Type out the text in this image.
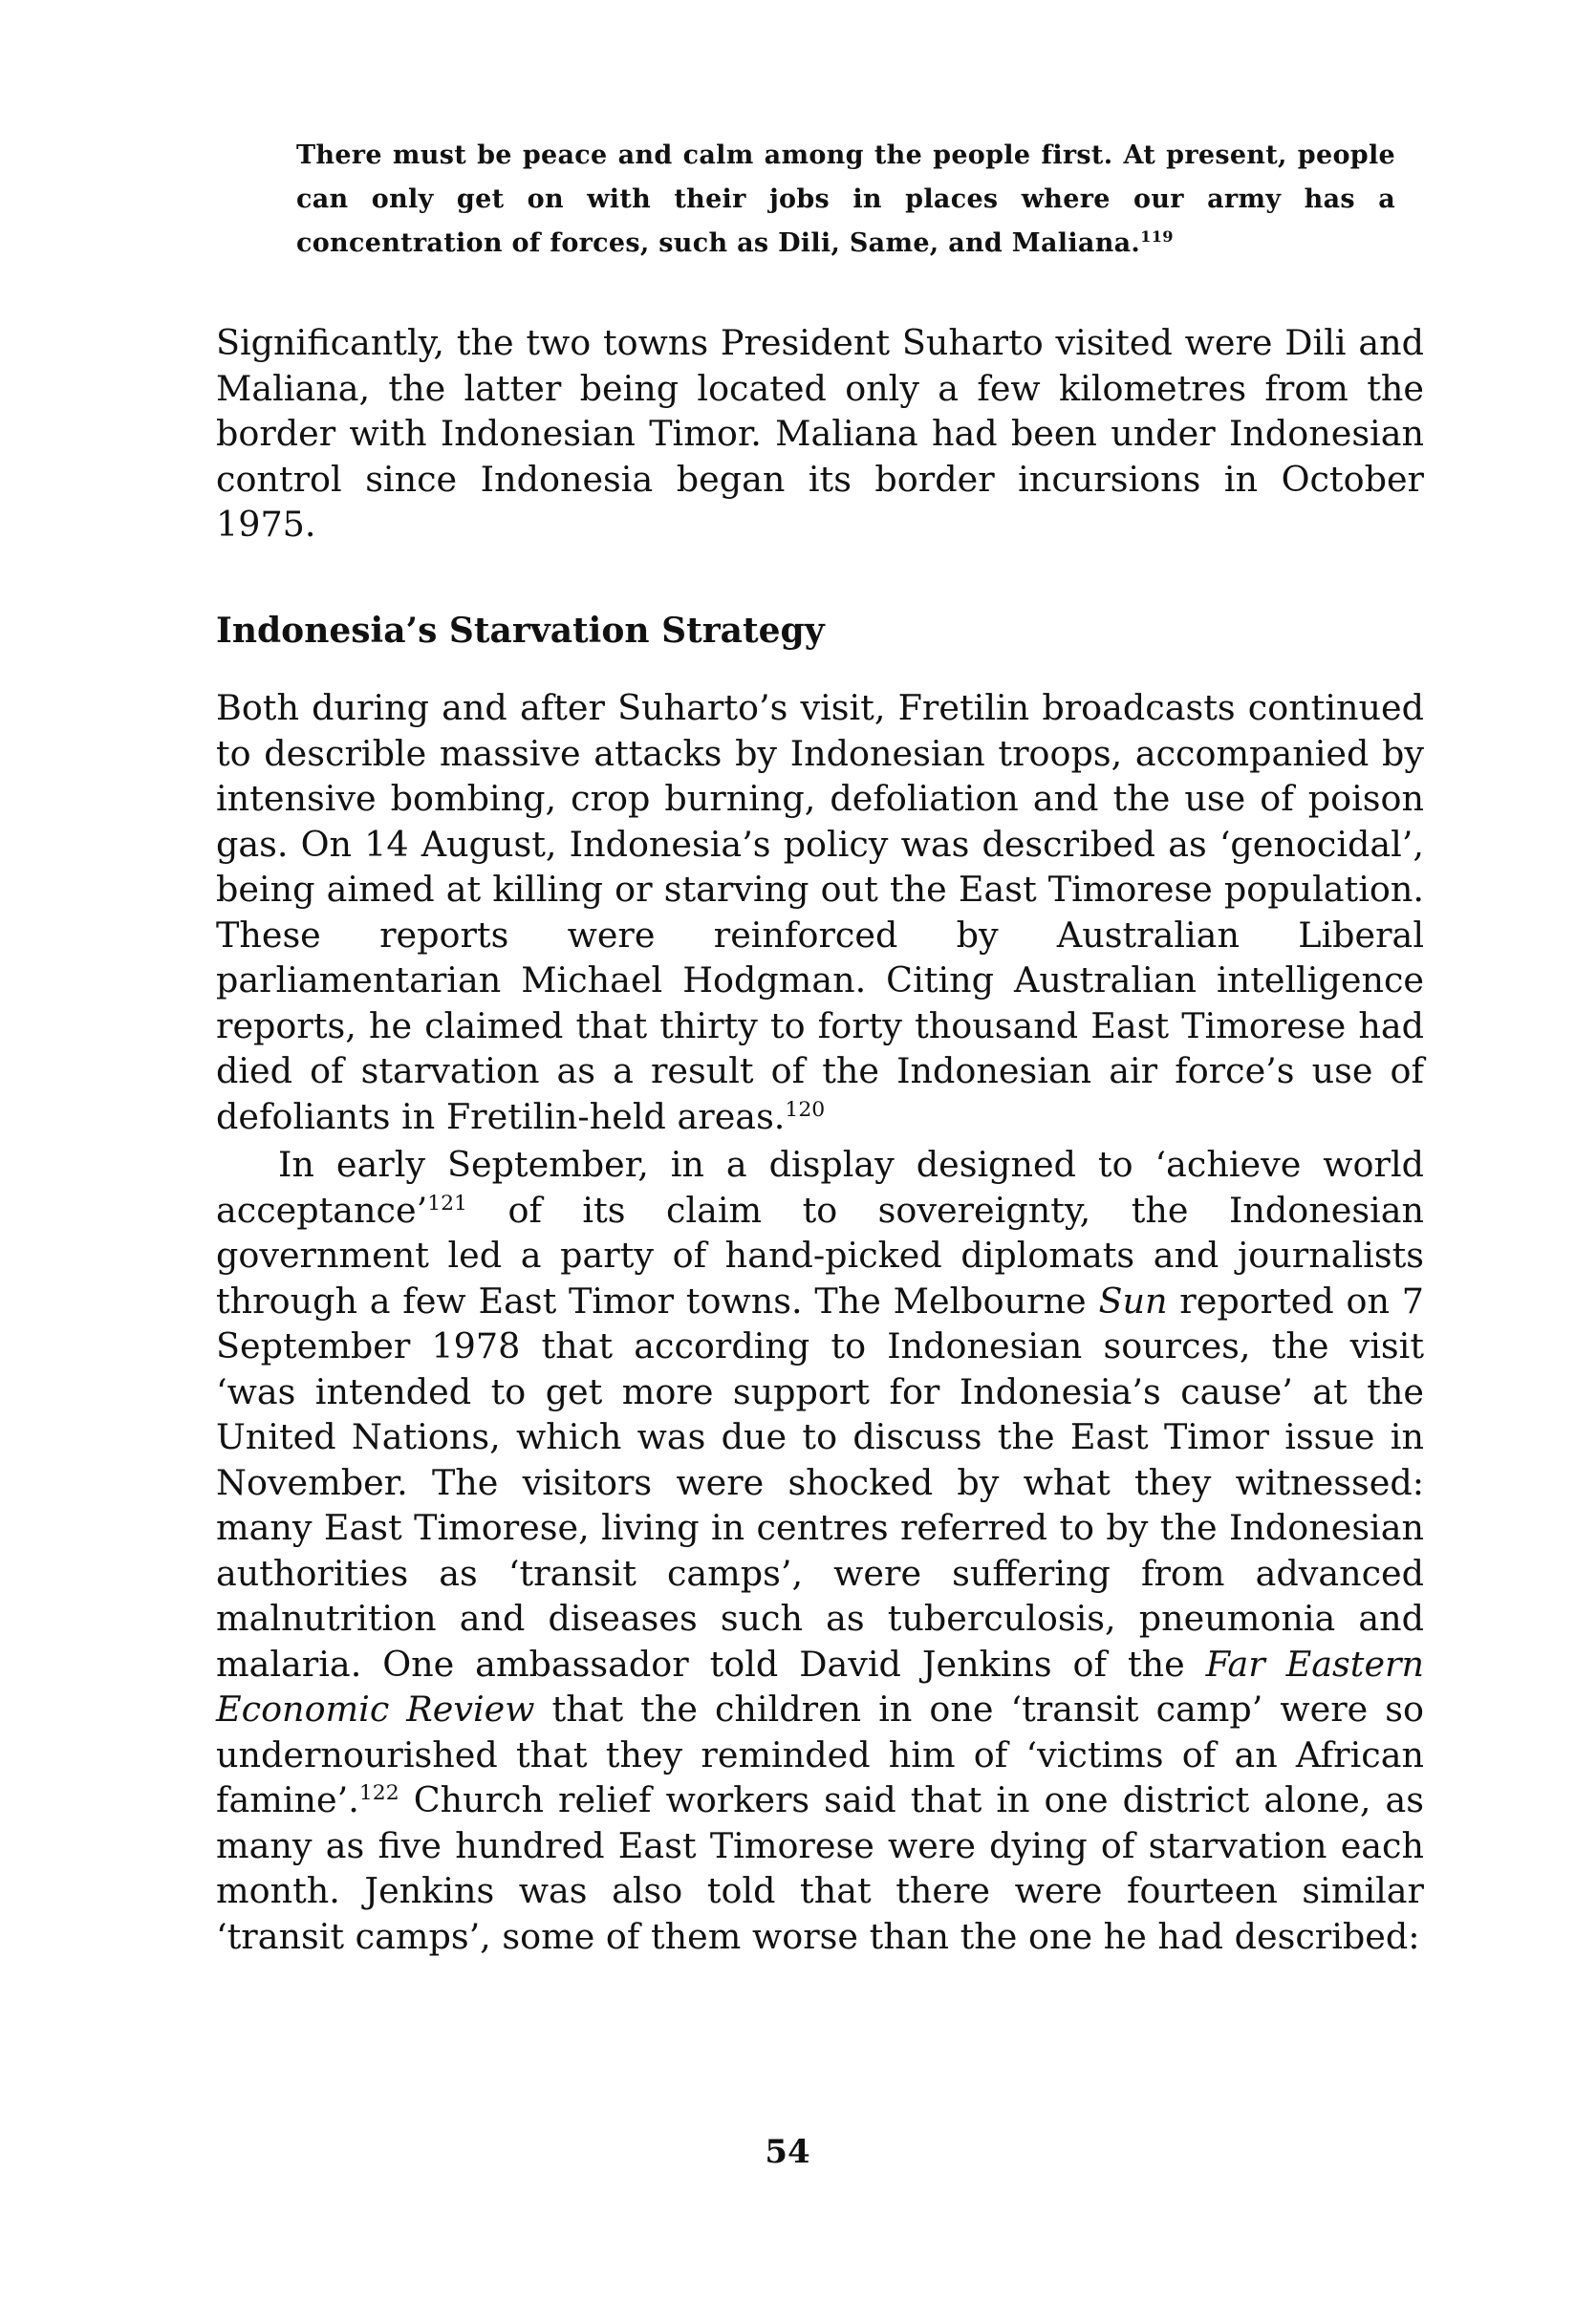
There must be peace and calm among the people first. At present, people can only get on with their jobs in places where our army has a concentration of forces, such as Dili, Same, and Maliana.$^{119}$

Significantly, the two towns President Suharto visited were Dili and Maliana, the latter being located only a few kilometres from the border with Indonesian Timor. Maliana had been under Indonesian control since Indonesia began its border incursions in October 1975.

Indonesia’s Starvation Strategy

Both during and after Suharto’s visit, Fretilin broadcasts continued to describle massive attacks by Indonesian troops, accompanied by intensive bombing, crop burning, defoliation and the use of poison gas. On 14 August, Indonesia’s policy was described as ‘genocidal’, being aimed at killing or starving out the East Timorese population. These reports were reinforced by Australian Liberal parliamentarian Michael Hodgman. Citing Australian intelligence reports, he claimed that thirty to forty thousand East Timorese had died of starvation as a result of the Indonesian air force’s use of defoliants in Fretilin-held areas.$^{120}$

In early September, in a display designed to ‘achieve world acceptance’$^{121}$ of its claim to sovereignty, the Indonesian government led a party of hand-picked diplomats and journalists through a few East Timor towns. The Melbourne Sun reported on 7 September 1978 that according to Indonesian sources, the visit ‘was intended to get more support for Indonesia’s cause’ at the United Nations, which was due to discuss the East Timor issue in November. The visitors were shocked by what they witnessed: many East Timorese, living in centres referred to by the Indonesian authorities as ‘transit camps’, were suffering from advanced malnutrition and diseases such as tuberculosis, pneumonia and malaria. One ambassador told David Jenkins of the Far Eastern Economic Review that the children in one ‘transit camp’ were so undernourished that they reminded him of ‘victims of an African famine’.$^{122}$ Church relief workers said that in one district alone, as many as five hundred East Timorese were dying of starvation each month. Jenkins was also told that there were fourteen similar ‘transit camps’, some of them worse than the one he had described:

54
